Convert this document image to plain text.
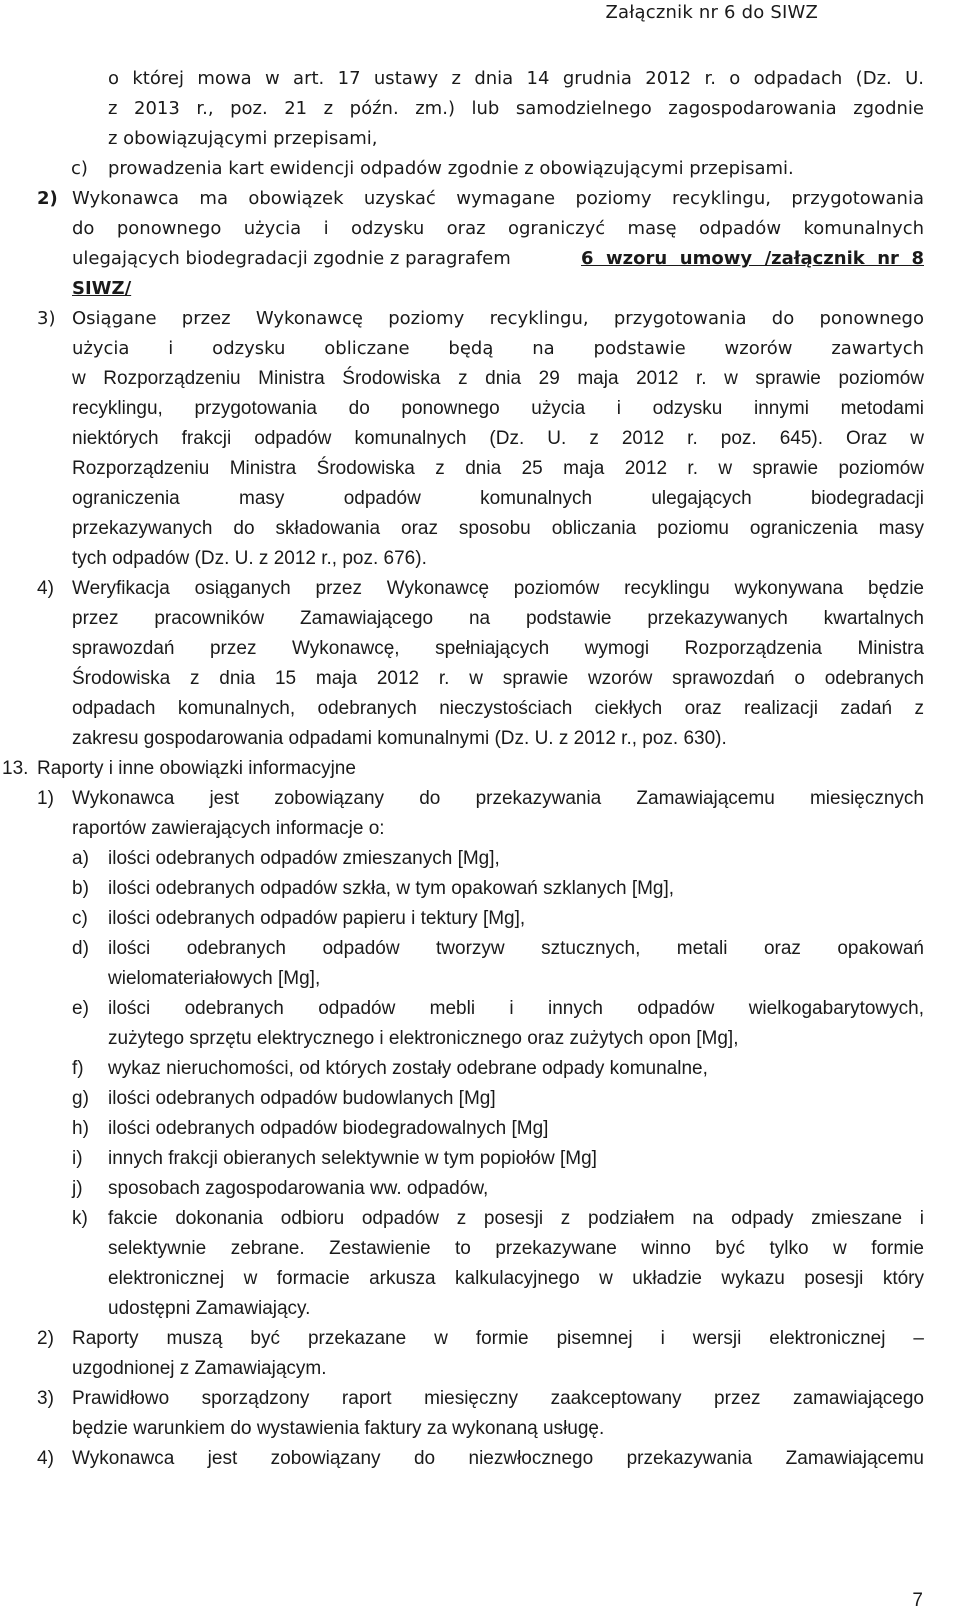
Załącznik nr 6 do SIWZ
o której mowa w art. 17 ustawy z dnia 14 grudnia 2012 r. o odpadach (Dz. U.
z 2013 r., poz. 21 z późn. zm.) lub samodzielnego zagospodarowania zgodnie
z obowiązującymi przepisami,
c) prowadzenia kart ewidencji odpadów zgodnie z obowiązującymi przepisami.
2) Wykonawca ma obowiązek uzyskać wymagane poziomy recyklingu, przygotowania
do ponownego użycia i odzysku oraz ograniczyć masę odpadów komunalnych
ulegających biodegradacji zgodnie z paragrafem	6 wzoru umowy /załącznik nr 8
SIWZ/
3) Osiągane przez Wykonawcę poziomy recyklingu, przygotowania do ponownego
użycia i odzysku obliczane będą na podstawie wzorów zawartych
w Rozporządzeniu Ministra Środowiska z dnia 29 maja 2012 r. w sprawie poziomów
recyklingu, przygotowania do ponownego użycia i odzysku innymi metodami
niektórych frakcji odpadów komunalnych (Dz. U. z 2012 r. poz. 645). Oraz w
Rozporządzeniu Ministra Środowiska z dnia 25 maja 2012 r. w sprawie poziomów
ograniczenia masy odpadów komunalnych ulegających biodegradacji
przekazywanych do składowania oraz sposobu obliczania poziomu ograniczenia masy
tych odpadów (Dz. U. z 2012 r., poz. 676).
4) Weryfikacja osiąganych przez Wykonawcę poziomów recyklingu wykonywana będzie
przez pracowników Zamawiającego na podstawie przekazywanych kwartalnych
sprawozdań przez Wykonawcę, spełniających wymogi Rozporządzenia Ministra
Środowiska z dnia 15 maja 2012 r. w sprawie wzorów sprawozdań o odebranych
odpadach komunalnych, odebranych nieczystościach ciekłych oraz realizacji zadań z
zakresu gospodarowania odpadami komunalnymi (Dz. U. z 2012 r., poz. 630).
13. Raporty i inne obowiązki informacyjne
1) Wykonawca jest zobowiązany do przekazywania Zamawiającemu miesięcznych
raportów zawierających informacje o:
a) ilości odebranych odpadów zmieszanych [Mg],
b) ilości odebranych odpadów szkła, w tym opakowań szklanych [Mg],
c) ilości odebranych odpadów papieru i tektury [Mg],
d) ilości odebranych odpadów tworzyw sztucznych, metali oraz opakowań
wielomateriałowych [Mg],
e) ilości odebranych odpadów mebli i innych odpadów wielkogabarytowych,
zużytego sprzętu elektrycznego i elektronicznego oraz zużytych opon [Mg],
f) wykaz nieruchomości, od których zostały odebrane odpady komunalne,
g) ilości odebranych odpadów budowlanych [Mg]
h) ilości odebranych odpadów biodegradowalnych [Mg]
i) innych frakcji obieranych selektywnie w tym popiołów [Mg]
j) sposobach zagospodarowania ww. odpadów,
k) fakcie dokonania odbioru odpadów z posesji z podziałem na odpady zmieszane i
selektywnie zebrane. Zestawienie to przekazywane winno być tylko w formie
elektronicznej w formacie arkusza kalkulacyjnego w układzie wykazu posesji który
udostępni Zamawiający.
2) Raporty muszą być przekazane w formie pisemnej i wersji elektronicznej –
uzgodnionej z Zamawiającym.
3) Prawidłowo sporządzony raport miesięczny zaakceptowany przez zamawiającego
będzie warunkiem do wystawienia faktury za wykonaną usługę.
4) Wykonawca jest zobowiązany do niezwłocznego przekazywania Zamawiającemu
7
